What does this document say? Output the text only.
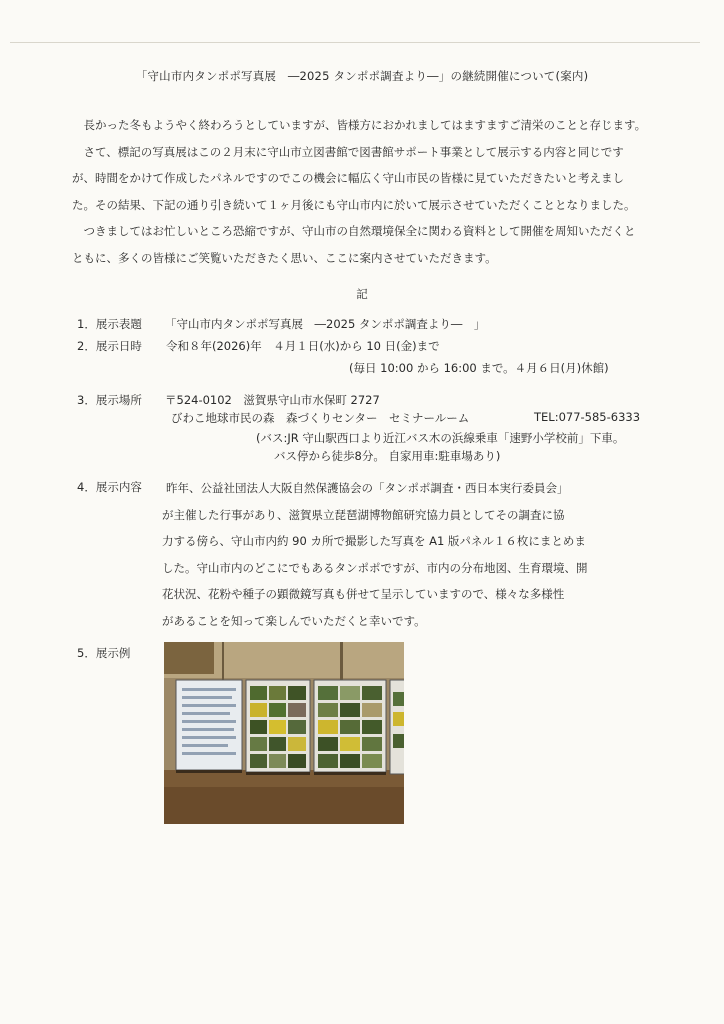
「守山市内タンポポ写真展　―2025 タンポポ調査より―」の継続開催について(案内)

長かった冬もようやく終わろうとしていますが、皆様方におかれましてはますますご清栄のことと存じます。

さて、標記の写真展はこの２月末に守山市立図書館で図書館サポート事業として展示する内容と同じです

が、時間をかけて作成したパネルですのでこの機会に幅広く守山市民の皆様に見ていただきたいと考えまし

た。その結果、下記の通り引き続いて１ヶ月後にも守山市内に於いて展示させていただくこととなりました。

つきましてはお忙しいところ恐縮ですが、守山市の自然環境保全に関わる資料として開催を周知いただくと

ともに、多くの皆様にご笑覧いただきたく思い、ここに案内させていただきます。

記
1．展示表題 「守山市内タンポポ写真展　―2025 タンポポ調査より―　」
2．展示日時 令和８年(2026)年　４月１日(水)から 10 日(金)まで
(毎日 10:00 から 16:00 まで。４月６日(月)休館)
3．展示場所 〒524-0102　滋賀県守山市水保町 2727
びわこ地球市民の森　森づくりセンター　セミナールーム	TEL:077-585-6333
(バス:JR 守山駅西口より近江バス木の浜線乗車「速野小学校前」下車。
バス停から徒歩8分。 自家用車:駐車場あり)
4．展示内容 昨年、公益社団法人大阪自然保護協会の「タンポポ調査・西日本実行委員会」
が主催した行事があり、滋賀県立琵琶湖博物館研究協力員としてその調査に協
力する傍ら、守山市内約 90 カ所で撮影した写真を A1 版パネル１６枚にまとめま
した。守山市内のどこにでもあるタンポポですが、市内の分布地図、生育環境、開
花状況、花粉や種子の顕微鏡写真も併せて呈示していますので、様々な多様性
があることを知って楽しんでいただくと幸いです。
5．展示例
